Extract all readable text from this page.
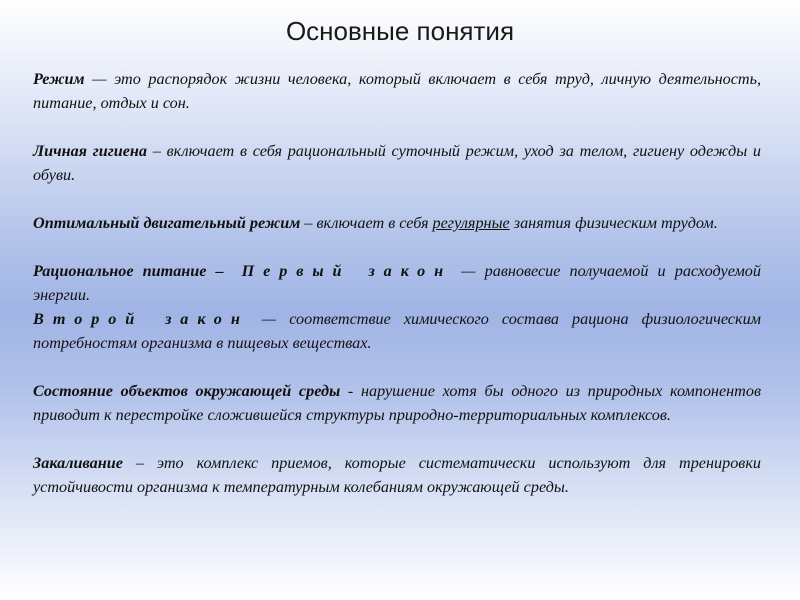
Основные понятия

Режим — это распорядок жизни человека, который включает в себя труд, личную деятельность, питание, отдых и сон.

Личная гигиена – включает в себя рациональный суточный режим, уход за телом, гигиену одежды и обуви.

Оптимальный двигательный режим – включает в себя регулярные занятия физическим трудом.

Рациональное питание – Первый закон — равновесие получаемой и расходуемой энергии.

Второй закон — соответствие химического состава рациона физиологическим потребностям организма в пищевых веществах.

Состояние объектов окружающей среды - нарушение хотя бы одного из природных компонентов приводит к перестройке сложившейся структуры природно-территориальных комплексов.

Закаливание – это комплекс приемов, которые систематически используют для тренировки устойчивости организма к температурным колебаниям окружающей среды.
